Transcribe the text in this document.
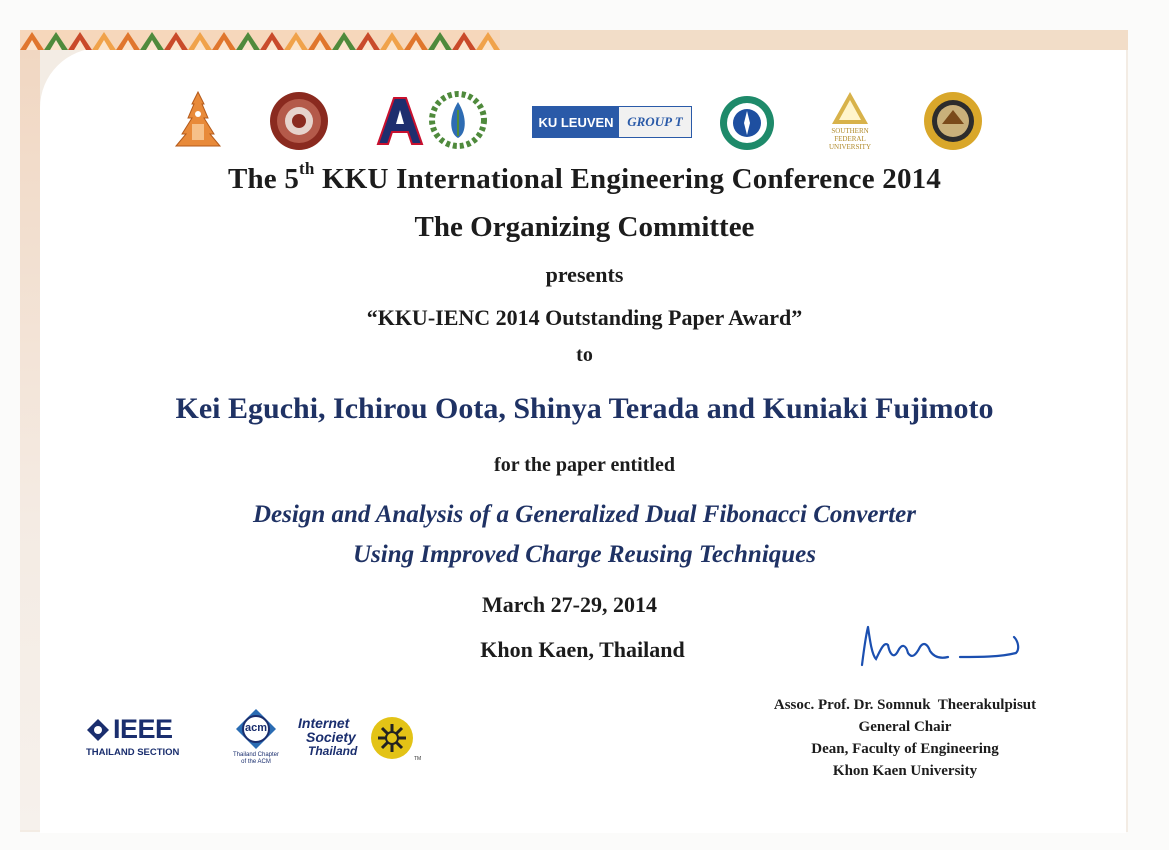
KU LEUVEN	GROUP T
SOUTHERN
FEDERAL
UNIVERSITY
The 5th KKU International Engineering Conference 2014
The Organizing Committee
presents
“KKU-IENC 2014 Outstanding Paper Award”
to
Kei Eguchi, Ichirou Oota, Shinya Terada and Kuniaki Fujimoto
for the paper entitled
Design and Analysis of a Generalized Dual Fibonacci Converter
Using Improved Charge Reusing Techniques
March 27-29, 2014
Khon Kaen, Thailand
Assoc. Prof. Dr. Somnuk  Theerakulpisut
General Chair
Dean, Faculty of Engineering
Khon Kaen University
IEEE
THAILAND SECTION
acm
Thailand Chapter
of the ACM
Internet
Society
Thailand
TM
